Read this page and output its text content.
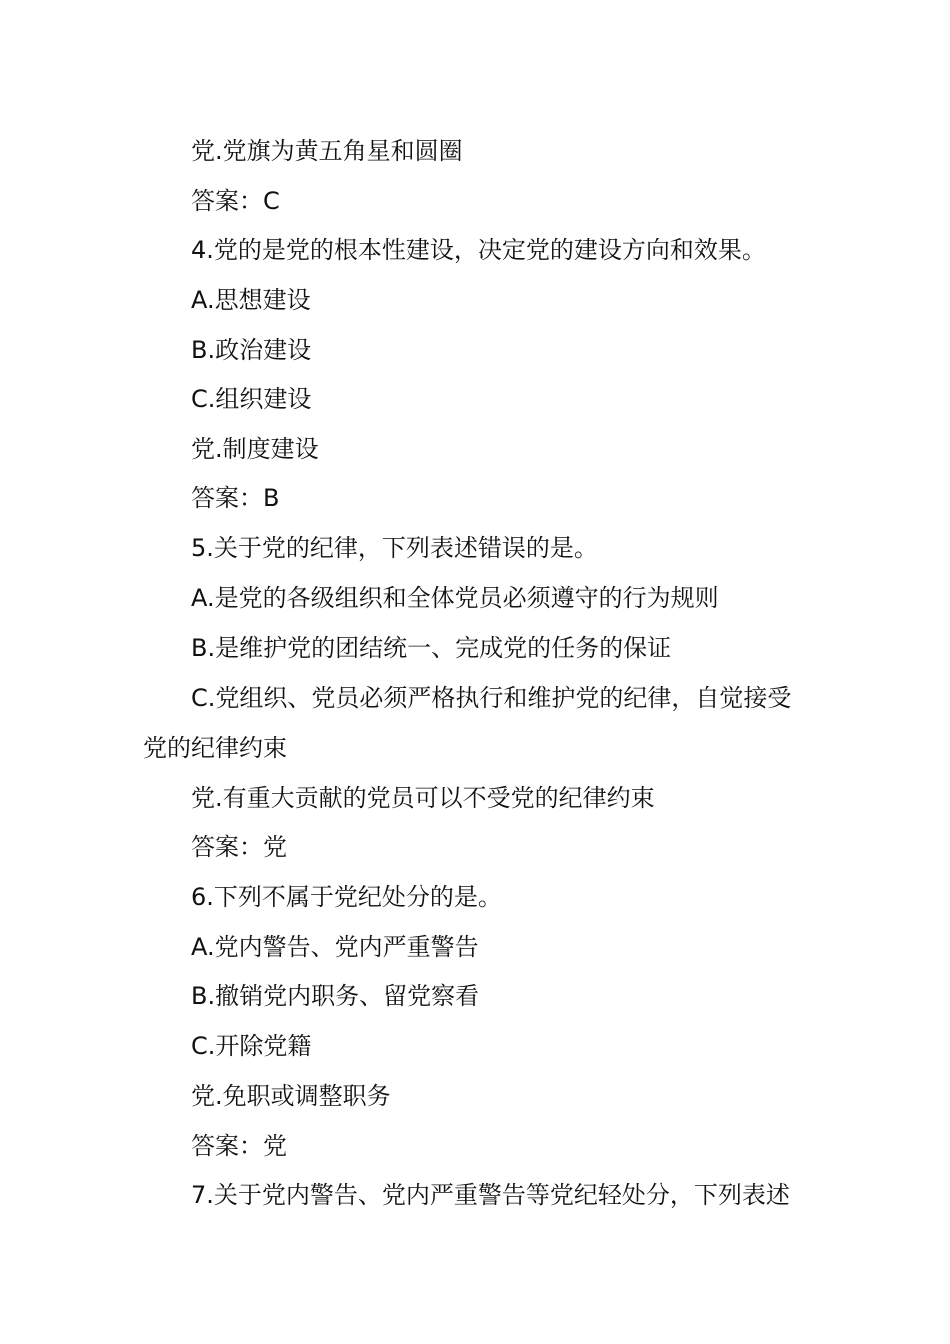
党.党旗为黄五角星和圆圈
答案：C
4.党的是党的根本性建设，决定党的建设方向和效果。
A.思想建设
B.政治建设
C.组织建设
党.制度建设
答案：B
5.关于党的纪律，下列表述错误的是。
A.是党的各级组织和全体党员必须遵守的行为规则
B.是维护党的团结统一、完成党的任务的保证
C.党组织、党员必须严格执行和维护党的纪律，自觉接受
党的纪律约束
党.有重大贡献的党员可以不受党的纪律约束
答案：党
6.下列不属于党纪处分的是。
A.党内警告、党内严重警告
B.撤销党内职务、留党察看
C.开除党籍
党.免职或调整职务
答案：党
7.关于党内警告、党内严重警告等党纪轻处分，下列表述
